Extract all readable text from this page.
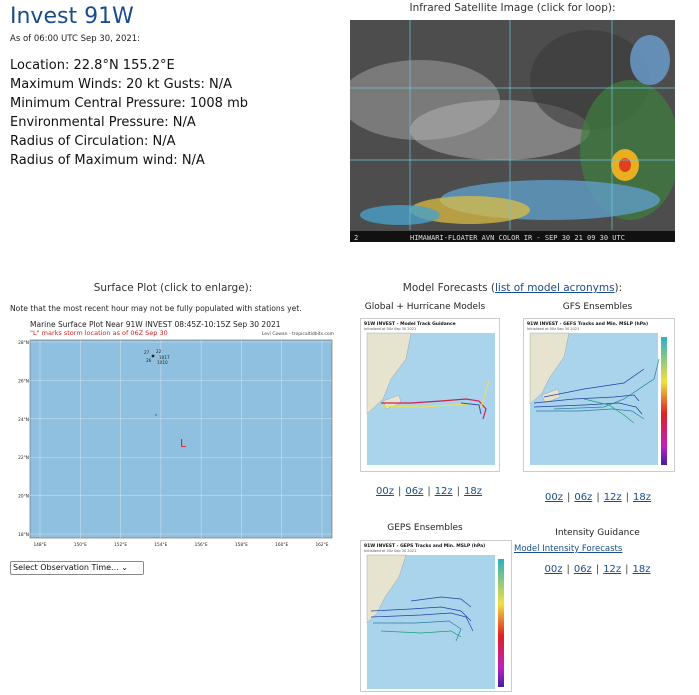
Invest 91W
As of 06:00 UTC Sep 30, 2021:
Location: 22.8°N 155.2°E
Maximum Winds: 20 kt Gusts: N/A
Minimum Central Pressure: 1008 mb
Environmental Pressure: N/A
Radius of Circulation: N/A
Radius of Maximum wind: N/A
Infrared Satellite Image (click for loop):
2	HIMAWARI-FLOATER AVN COLOR IR - SEP 30 21 09 30 UTC
Surface Plot (click to enlarge):
Note that the most recent hour may not be fully populated with stations yet.
Marine Surface Plot Near 91W INVEST 08:45Z-10:15Z Sep 30 2021
"L" marks storm location as of 06Z Sep 30	Levi Cowan - tropicaltidbits.com
28°N
26°N
24°N
22°N
20°N
18°N
148°E	150°E	152°E	154°E	156°E	158°E	160°E	162°E
27 22
26
1017
1010
L
Select Observation Time... ⌄
Model Forecasts (list of model acronyms):
Global + Hurricane Models
91W INVEST - Model Track Guidance
Initialized at 00z Sep 30 2021
00z | 06z | 12z | 18z
GFS Ensembles
91W INVEST - GEFS Tracks and Min. MSLP (hPa)
Initialized at 00z Sep 30 2021
00z | 06z | 12z | 18z
GEPS Ensembles
91W INVEST - GEPS Tracks and Min. MSLP (hPa)
Initialized at 00z Sep 30 2021
Intensity Guidance
Model Intensity Forecasts
00z | 06z | 12z | 18z
